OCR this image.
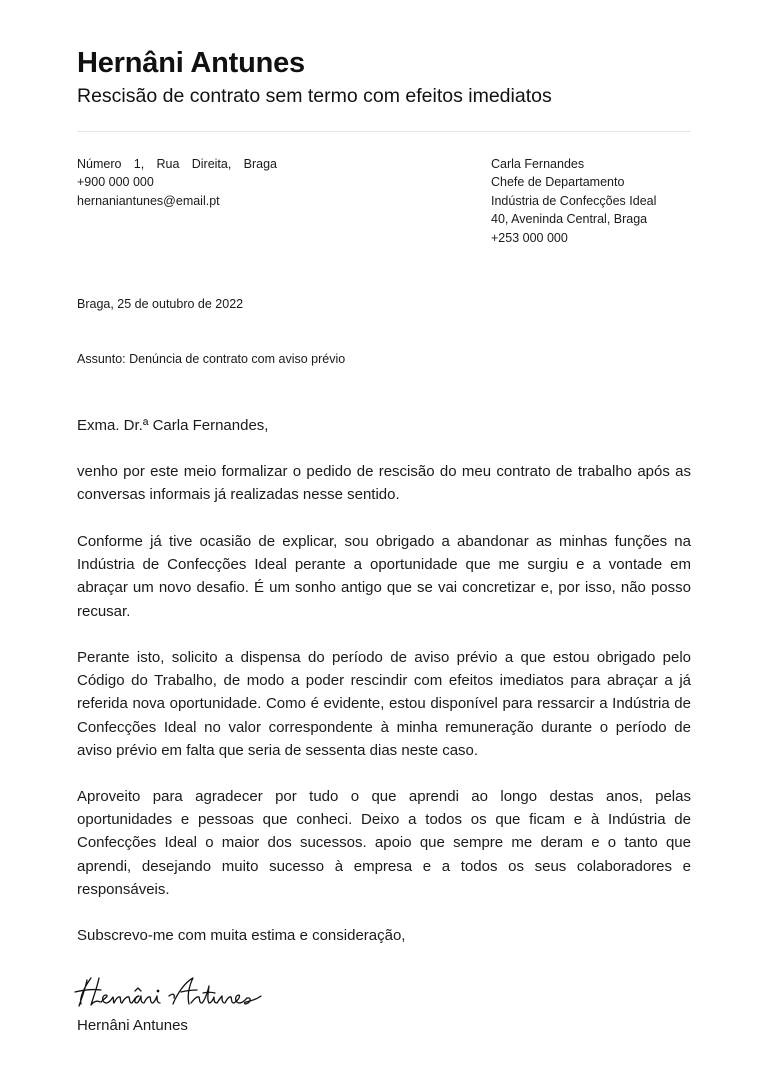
Hernâni Antunes
Rescisão de contrato sem termo com efeitos imediatos
Número 1, Rua Direita, Braga
+900 000 000
hernaniantunes@email.pt
Carla Fernandes
Chefe de Departamento
Indústria de Confecções Ideal
40, Aveninda Central, Braga
+253 000 000
Braga, 25 de outubro de 2022
Assunto: Denúncia de contrato com aviso prévio
Exma. Dr.ª Carla Fernandes,

venho por este meio formalizar o pedido de rescisão do meu contrato de trabalho após as conversas informais já realizadas nesse sentido.

Conforme já tive ocasião de explicar, sou obrigado a abandonar as minhas funções na Indústria de Confecções Ideal perante a oportunidade que me surgiu e a vontade em abraçar um novo desafio. É um sonho antigo que se vai concretizar e, por isso, não posso recusar.

Perante isto, solicito a dispensa do período de aviso prévio a que estou obrigado pelo Código do Trabalho, de modo a poder rescindir com efeitos imediatos para abraçar a já referida nova oportunidade. Como é evidente, estou disponível para ressarcir a Indústria de Confecções Ideal no valor correspondente à minha remuneração durante o período de aviso prévio em falta que seria de sessenta dias neste caso.

Aproveito para agradecer por tudo o que aprendi ao longo destas anos, pelas oportunidades e pessoas que conheci. Deixo a todos os que ficam e à Indústria de Confecções Ideal o maior dos sucessos. apoio que sempre me deram e o tanto que aprendi, desejando muito sucesso à empresa e a todos os seus colaboradores e responsáveis.

Subscrevo-me com muita estima e consideração,
Hernâni Antunes
